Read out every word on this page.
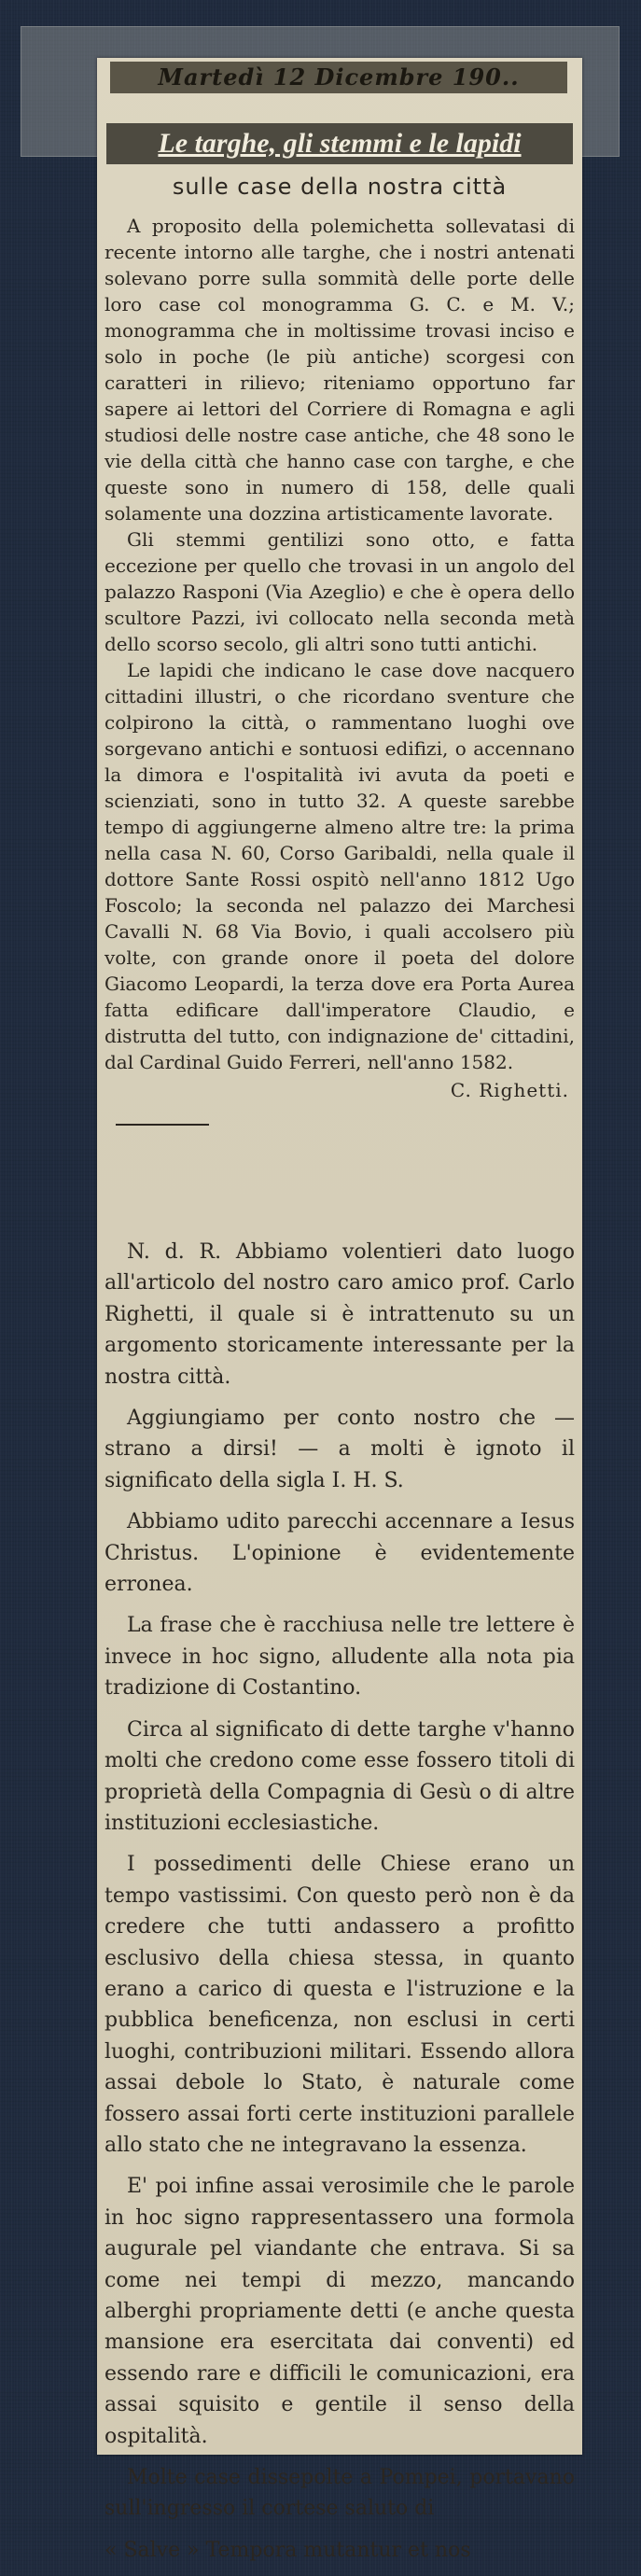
Martedì 12 Dicembre 190..
Le targhe, gli stemmi e le lapidi
sulle case della nostra città

A proposito della polemichetta sollevatasi di recente intorno alle targhe, che i nostri antenati solevano porre sulla sommità delle porte delle loro case col monogramma G. C. e M. V.; monogramma che in moltissime trovasi inciso e solo in poche (le più antiche) scorgesi con caratteri in rilievo; riteniamo opportuno far sapere ai lettori del Corriere di Romagna e agli studiosi delle nostre case antiche, che 48 sono le vie della città che hanno case con targhe, e che queste sono in numero di 158, delle quali solamente una dozzina artisticamente lavorate.

Gli stemmi gentilizi sono otto, e fatta eccezione per quello che trovasi in un angolo del palazzo Rasponi (Via Azeglio) e che è opera dello scultore Pazzi, ivi collocato nella seconda metà dello scorso secolo, gli altri sono tutti antichi.

Le lapidi che indicano le case dove nacquero cittadini illustri, o che ricordano sventure che colpirono la città, o rammentano luoghi ove sorgevano antichi e sontuosi edifizi, o accennano la dimora e l'ospitalità ivi avuta da poeti e scienziati, sono in tutto 32. A queste sarebbe tempo di aggiungerne almeno altre tre: la prima nella casa N. 60, Corso Garibaldi, nella quale il dottore Sante Rossi ospitò nell'anno 1812 Ugo Foscolo; la seconda nel palazzo dei Marchesi Cavalli N. 68 Via Bovio, i quali accolsero più volte, con grande onore il poeta del dolore Giacomo Leopardi, la terza dove era Porta Aurea fatta edificare dall'imperatore Claudio, e distrutta del tutto, con indignazione de' cittadini, dal Cardinal Guido Ferreri, nell'anno 1582.

C. Righetti.

N. d. R. Abbiamo volentieri dato luogo all'articolo del nostro caro amico prof. Carlo Righetti, il quale si è intrattenuto su un argomento storicamente interessante per la nostra città.

Aggiungiamo per conto nostro che — strano a dirsi! — a molti è ignoto il significato della sigla I. H. S.

Abbiamo udito parecchi accennare a Iesus Christus. L'opinione è evidentemente erronea.

La frase che è racchiusa nelle tre lettere è invece in hoc signo, alludente alla nota pia tradizione di Costantino.

Circa al significato di dette targhe v'hanno molti che credono come esse fossero titoli di proprietà della Compagnia di Gesù o di altre instituzioni ecclesiastiche.

I possedimenti delle Chiese erano un tempo vastissimi. Con questo però non è da credere che tutti andassero a profitto esclusivo della chiesa stessa, in quanto erano a carico di questa e l'istruzione e la pubblica beneficenza, non esclusi in certi luoghi, contribuzioni militari. Essendo allora assai debole lo Stato, è naturale come fossero assai forti certe instituzioni parallele allo stato che ne integravano la essenza.

E' poi infine assai verosimile che le parole in hoc signo rappresentassero una formola augurale pel viandante che entrava. Si sa come nei tempi di mezzo, mancando alberghi propriamente detti (e anche questa mansione era esercitata dai conventi) ed essendo rare e difficili le comunicazioni, era assai squisito e gentile il senso della ospitalità.

Molte case dissepolte a Pompei, portavano sull'ingresso il cortese saluto di

« Salve » Tempora mutantur et nos
